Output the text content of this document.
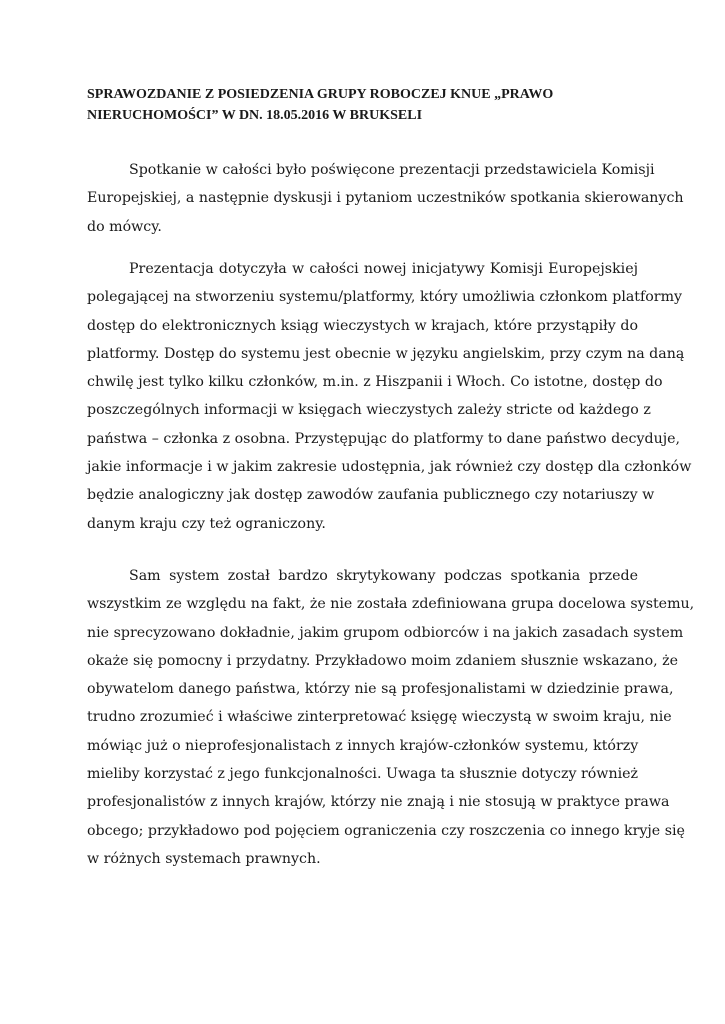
SPRAWOZDANIE Z POSIEDZENIA GRUPY ROBOCZEJ KNUE „PRAWO
NIERUCHOMOŚCI” W DN. 18.05.2016 W BRUKSELI

Spotkanie w całości było poświęcone prezentacji przedstawiciela Komisji
Europejskiej, a następnie dyskusji i pytaniom uczestników spotkania skierowanych
do mówcy.

Prezentacja dotyczyła w całości nowej inicjatywy Komisji Europejskiej
polegającej na stworzeniu systemu/platformy, który umożliwia członkom platformy
dostęp do elektronicznych ksiąg wieczystych w krajach, które przystąpiły do
platformy. Dostęp do systemu jest obecnie w języku angielskim, przy czym na daną
chwilę jest tylko kilku członków, m.in. z Hiszpanii i Włoch. Co istotne, dostęp do
poszczególnych informacji w księgach wieczystych zależy stricte od każdego z
państwa – członka z osobna. Przystępując do platformy to dane państwo decyduje,
jakie informacje i w jakim zakresie udostępnia, jak również czy dostęp dla członków
będzie analogiczny jak dostęp zawodów zaufania publicznego czy notariuszy w
danym kraju czy też ograniczony.

Sam system został bardzo skrytykowany podczas spotkania przede
wszystkim ze względu na fakt, że nie została zdefiniowana grupa docelowa systemu,
nie sprecyzowano dokładnie, jakim grupom odbiorców i na jakich zasadach system
okaże się pomocny i przydatny. Przykładowo moim zdaniem słusznie wskazano, że
obywatelom danego państwa, którzy nie są profesjonalistami w dziedzinie prawa,
trudno zrozumieć i właściwe zinterpretować księgę wieczystą w swoim kraju, nie
mówiąc już o nieprofesjonalistach z innych krajów-członków systemu, którzy
mieliby korzystać z jego funkcjonalności. Uwaga ta słusznie dotyczy również
profesjonalistów z innych krajów, którzy nie znają i nie stosują w praktyce prawa
obcego; przykładowo pod pojęciem ograniczenia czy roszczenia co innego kryje się
w różnych systemach prawnych.
